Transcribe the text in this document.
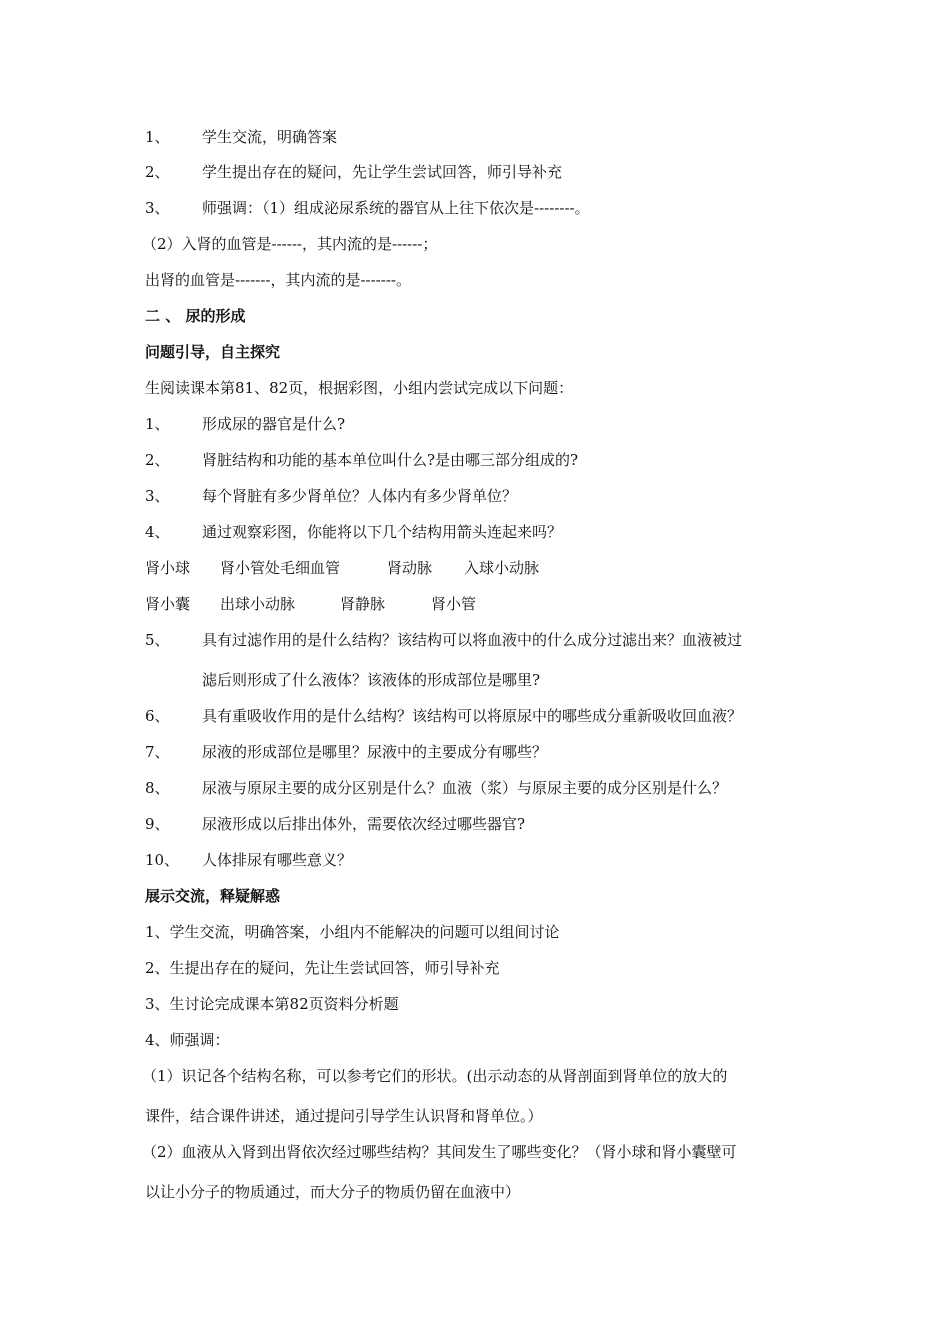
1、 学生交流，明确答案
2、 学生提出存在的疑问，先让学生尝试回答，师引导补充
3、 师强调：（1）组成泌尿系统的器官从上往下依次是--------。
（2）入肾的血管是------，其内流的是------；
出肾的血管是-------，其内流的是-------。
二 、 尿的形成
问题引导，自主探究
生阅读课本第81、82页，根据彩图，小组内尝试完成以下问题：
1、 形成尿的器官是什么?
2、 肾脏结构和功能的基本单位叫什么?是由哪三部分组成的?
3、 每个肾脏有多少肾单位？人体内有多少肾单位？
4、 通过观察彩图，你能将以下几个结构用箭头连起来吗？
肾小球 肾小管处毛细血管	肾动脉 入球小动脉
肾小囊 出球小动脉	肾静脉	肾小管
5、 具有过滤作用的是什么结构？该结构可以将血液中的什么成分过滤出来？血液被过
滤后则形成了什么液体？该液体的形成部位是哪里?
6、 具有重吸收作用的是什么结构？该结构可以将原尿中的哪些成分重新吸收回血液？
7、 尿液的形成部位是哪里？尿液中的主要成分有哪些？
8、 尿液与原尿主要的成分区别是什么？血液（浆）与原尿主要的成分区别是什么？
9、 尿液形成以后排出体外，需要依次经过哪些器官?
10、 人体排尿有哪些意义？
展示交流，释疑解惑
1、学生交流，明确答案，小组内不能解决的问题可以组间讨论
2、生提出存在的疑问，先让生尝试回答，师引导补充
3、生讨论完成课本第82页资料分析题
4、师强调：
（1）识记各个结构名称，可以参考它们的形状。(出示动态的从肾剖面到肾单位的放大的
课件，结合课件讲述，通过提问引导学生认识肾和肾单位。）
（2）血液从入肾到出肾依次经过哪些结构？其间发生了哪些变化？（肾小球和肾小囊壁可
以让小分子的物质通过，而大分子的物质仍留在血液中）
